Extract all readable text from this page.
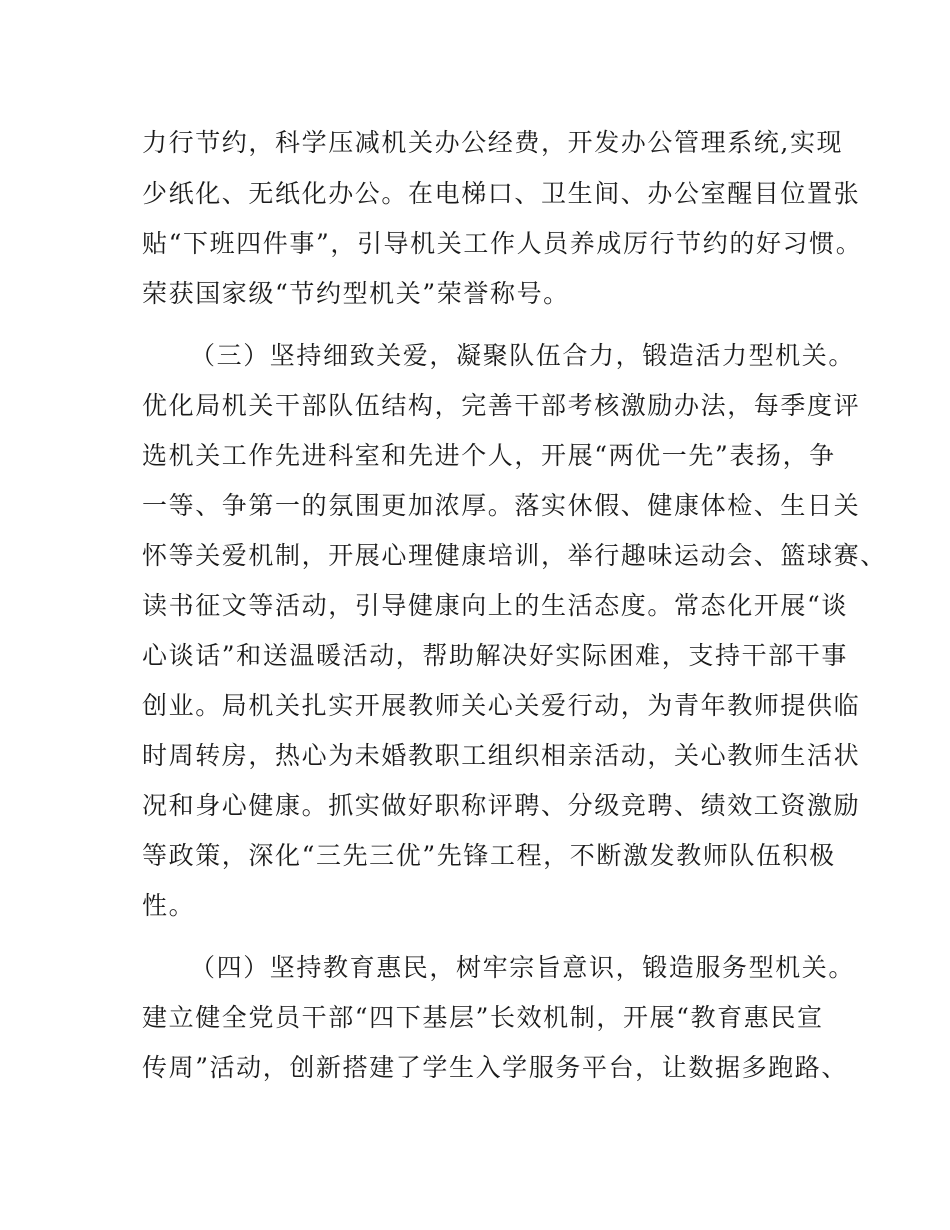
力行节约，科学压减机关办公经费，开发办公管理系统,实现
少纸化、无纸化办公。在电梯口、卫生间、办公室醒目位置张
贴“下班四件事”，引导机关工作人员养成厉行节约的好习惯。
荣获国家级“节约型机关”荣誉称号。
（三）坚持细致关爱，凝聚队伍合力，锻造活力型机关。
优化局机关干部队伍结构，完善干部考核激励办法，每季度评
选机关工作先进科室和先进个人，开展“两优一先”表扬，争
一等、争第一的氛围更加浓厚。落实休假、健康体检、生日关
怀等关爱机制，开展心理健康培训，举行趣味运动会、篮球赛、
读书征文等活动，引导健康向上的生活态度。常态化开展“谈
心谈话”和送温暖活动，帮助解决好实际困难，支持干部干事
创业。局机关扎实开展教师关心关爱行动，为青年教师提供临
时周转房，热心为未婚教职工组织相亲活动，关心教师生活状
况和身心健康。抓实做好职称评聘、分级竞聘、绩效工资激励
等政策，深化“三先三优”先锋工程，不断激发教师队伍积极
性。
（四）坚持教育惠民，树牢宗旨意识，锻造服务型机关。
建立健全党员干部“四下基层”长效机制，开展“教育惠民宣
传周”活动，创新搭建了学生入学服务平台，让数据多跑路、
